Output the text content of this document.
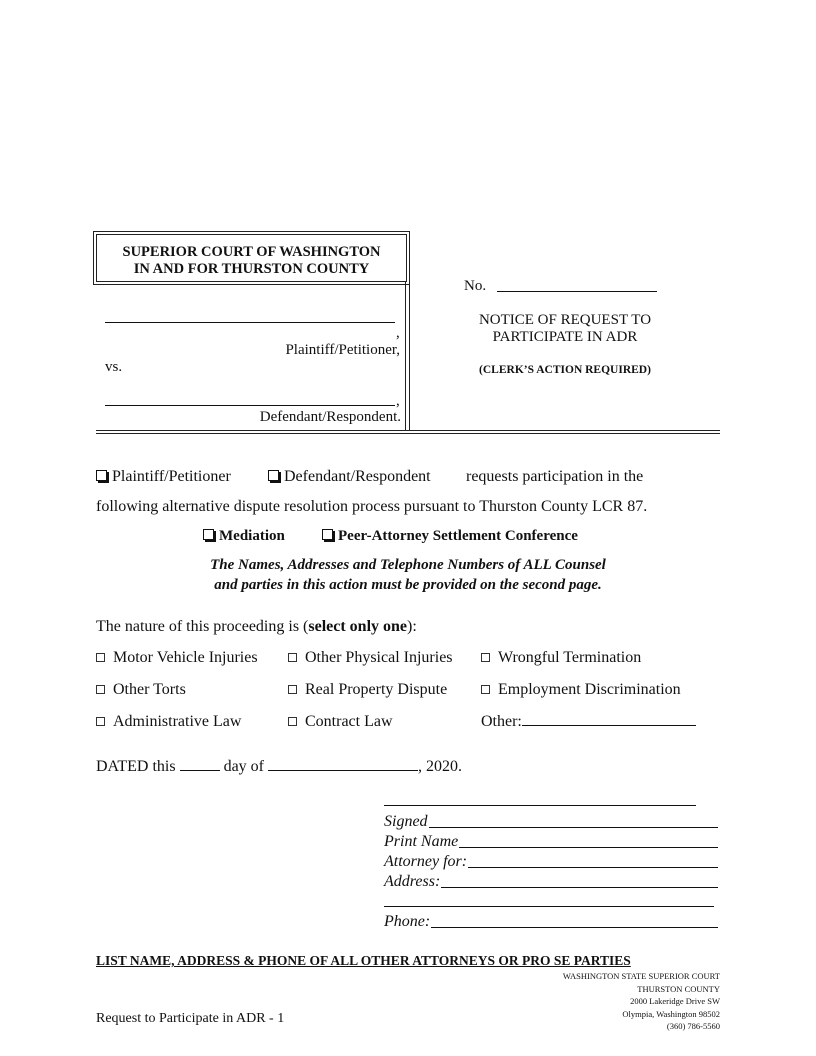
SUPERIOR COURT OF WASHINGTON
IN AND FOR THURSTON COUNTY
,
Plaintiff/Petitioner,
vs.
,
Defendant/Respondent.
No.
NOTICE OF REQUEST TO
PARTICIPATE IN ADR
(CLERK’S ACTION REQUIRED)
Plaintiff/Petitioner	Defendant/Respondent requests participation in the
following alternative dispute resolution process pursuant to Thurston County LCR 87.
Mediation	Peer-Attorney Settlement Conference
The Names, Addresses and Telephone Numbers of ALL Counsel
and parties in this action must be provided on the second page.
The nature of this proceeding is (select only one):
Motor Vehicle Injuries	Other Physical Injuries	Wrongful Termination
Other Torts	Real Property Dispute	Employment Discrimination
Administrative Law	Contract Law	Other:
DATED this	day of	, 2020.
Signed
Print Name
Attorney for:
Address:
Phone:
LIST NAME, ADDRESS & PHONE OF ALL OTHER ATTORNEYS OR PRO SE PARTIES
WASHINGTON STATE SUPERIOR COURT
THURSTON COUNTY
2000 Lakeridge Drive SW
Olympia, Washington 98502
(360) 786-5560
Request to Participate in ADR - 1
